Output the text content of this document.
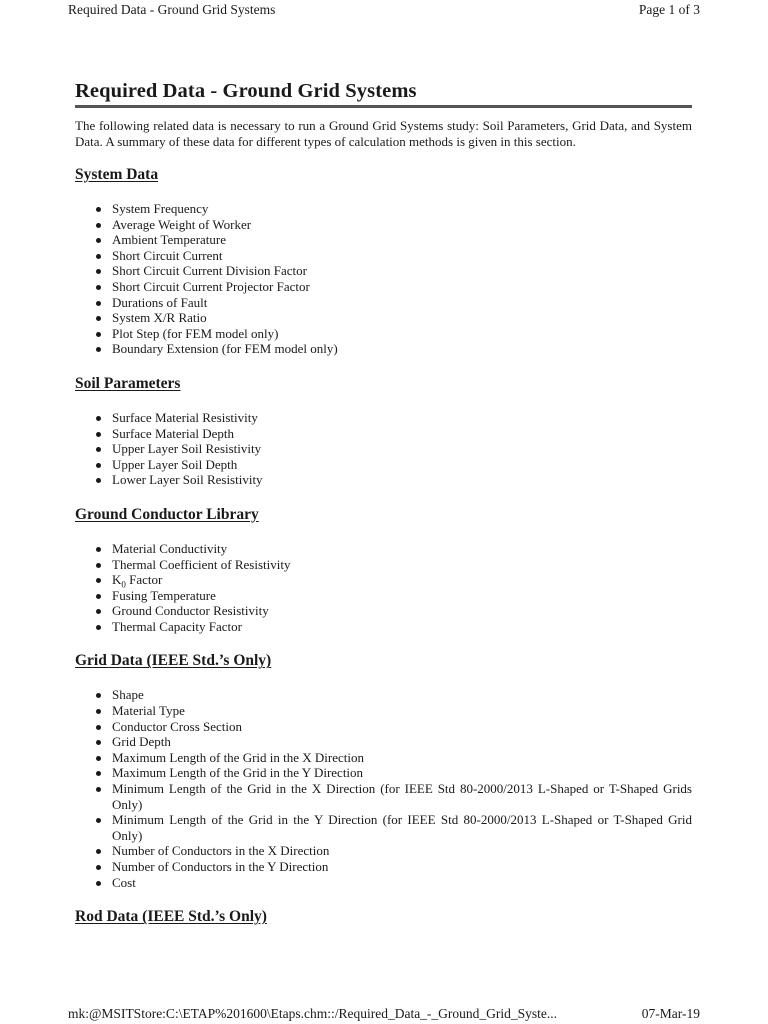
Required Data - Ground Grid Systems	Page 1 of 3
Required Data - Ground Grid Systems

The following related data is necessary to run a Ground Grid Systems study: Soil Parameters, Grid Data, and System Data. A summary of these data for different types of calculation methods is given in this section.

System Data
System Frequency
Average Weight of Worker
Ambient Temperature
Short Circuit Current
Short Circuit Current Division Factor
Short Circuit Current Projector Factor
Durations of Fault
System X/R Ratio
Plot Step (for FEM model only)
Boundary Extension (for FEM model only)
Soil Parameters
Surface Material Resistivity
Surface Material Depth
Upper Layer Soil Resistivity
Upper Layer Soil Depth
Lower Layer Soil Resistivity
Ground Conductor Library
Material Conductivity
Thermal Coefficient of Resistivity
$K_0$ Factor
Fusing Temperature
Ground Conductor Resistivity
Thermal Capacity Factor
Grid Data (IEEE Std.’s Only)
Shape
Material Type
Conductor Cross Section
Grid Depth
Maximum Length of the Grid in the X Direction
Maximum Length of the Grid in the Y Direction
Minimum Length of the Grid in the X Direction (for IEEE Std 80-2000/2013 L-Shaped or T-Shaped Grids Only)
Minimum Length of the Grid in the Y Direction (for IEEE Std 80-2000/2013 L-Shaped or T-Shaped Grid Only)
Number of Conductors in the X Direction
Number of Conductors in the Y Direction
Cost
Rod Data (IEEE Std.’s Only)
mk:@MSITStore:C:\ETAP%201600\Etaps.chm::/Required_Data_-_Ground_Grid_Syste...	07-Mar-19
